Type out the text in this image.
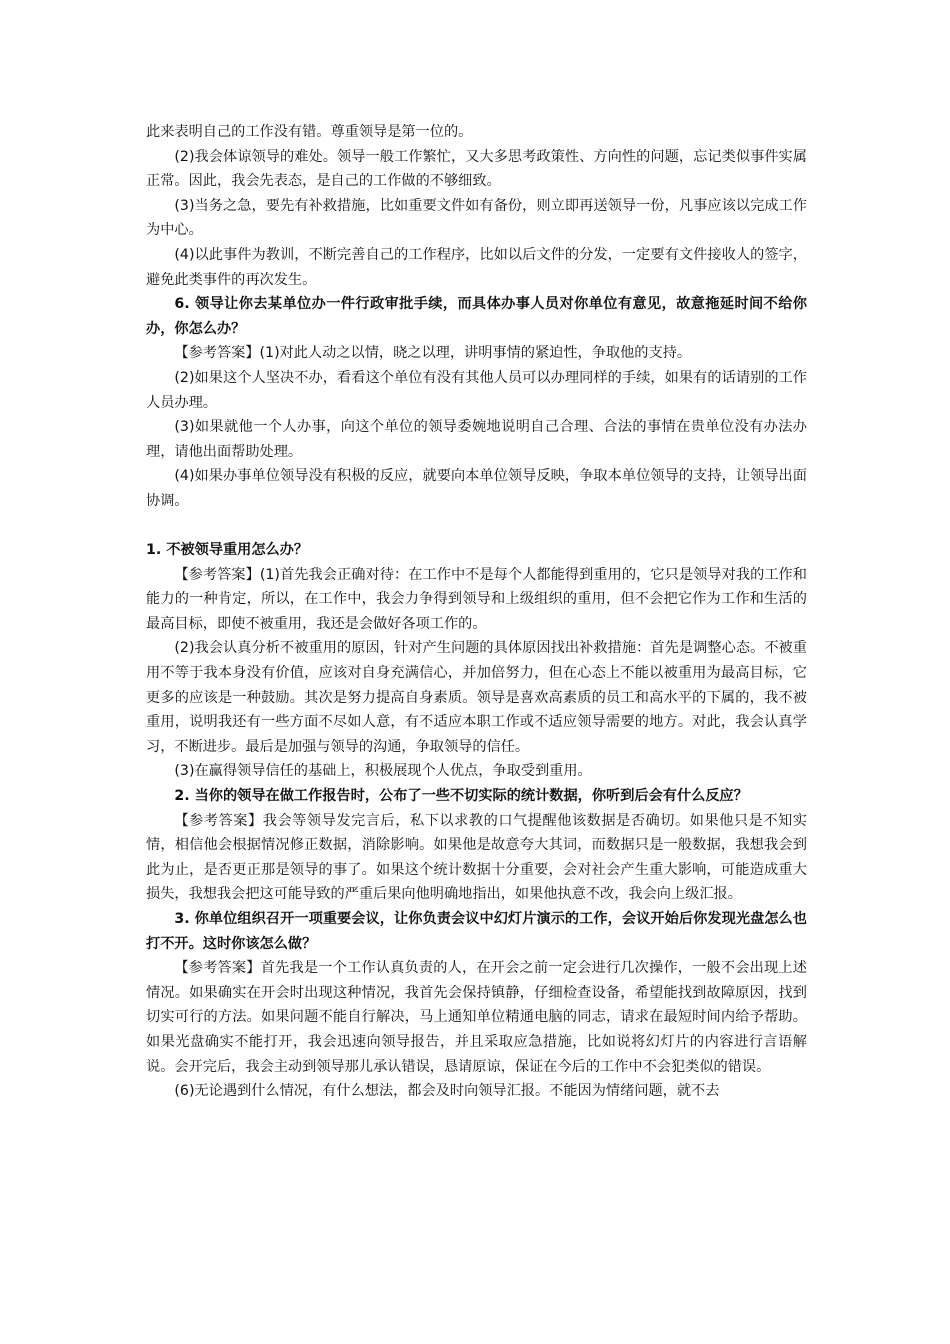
此来表明自己的工作没有错。尊重领导是第一位的。

(2)我会体谅领导的难处。领导一般工作繁忙，又大多思考政策性、方向性的问题，忘记类似事件实属正常。因此，我会先表态，是自己的工作做的不够细致。

(3)当务之急，要先有补救措施，比如重要文件如有备份，则立即再送领导一份，凡事应该以完成工作为中心。

(4)以此事件为教训，不断完善自己的工作程序，比如以后文件的分发，一定要有文件接收人的签字，避免此类事件的再次发生。

6. 领导让你去某单位办一件行政审批手续，而具体办事人员对你单位有意见，故意拖延时间不给你办，你怎么办？

【参考答案】(1)对此人动之以情，晓之以理，讲明事情的紧迫性，争取他的支持。

(2)如果这个人坚决不办，看看这个单位有没有其他人员可以办理同样的手续，如果有的话请别的工作人员办理。

(3)如果就他一个人办事，向这个单位的领导委婉地说明自己合理、合法的事情在贵单位没有办法办理，请他出面帮助处理。

(4)如果办事单位领导没有积极的反应，就要向本单位领导反映，争取本单位领导的支持，让领导出面协调。

1. 不被领导重用怎么办？

【参考答案】(1)首先我会正确对待：在工作中不是每个人都能得到重用的，它只是领导对我的工作和能力的一种肯定，所以，在工作中，我会力争得到领导和上级组织的重用，但不会把它作为工作和生活的最高目标，即使不被重用，我还是会做好各项工作的。

(2)我会认真分析不被重用的原因，针对产生问题的具体原因找出补救措施：首先是调整心态。不被重用不等于我本身没有价值，应该对自身充满信心，并加倍努力，但在心态上不能以被重用为最高目标，它更多的应该是一种鼓励。其次是努力提高自身素质。领导是喜欢高素质的员工和高水平的下属的，我不被重用，说明我还有一些方面不尽如人意，有不适应本职工作或不适应领导需要的地方。对此，我会认真学习，不断进步。最后是加强与领导的沟通，争取领导的信任。

(3)在赢得领导信任的基础上，积极展现个人优点，争取受到重用。

2. 当你的领导在做工作报告时，公布了一些不切实际的统计数据，你听到后会有什么反应？

【参考答案】我会等领导发完言后，私下以求教的口气提醒他该数据是否确切。如果他只是不知实情，相信他会根据情况修正数据，消除影响。如果他是故意夸大其词，而数据只是一般数据，我想我会到此为止，是否更正那是领导的事了。如果这个统计数据十分重要，会对社会产生重大影响，可能造成重大损失，我想我会把这可能导致的严重后果向他明确地指出，如果他执意不改，我会向上级汇报。

3. 你单位组织召开一项重要会议，让你负责会议中幻灯片演示的工作，会议开始后你发现光盘怎么也打不开。这时你该怎么做？

【参考答案】首先我是一个工作认真负责的人，在开会之前一定会进行几次操作，一般不会出现上述情况。如果确实在开会时出现这种情况，我首先会保持镇静，仔细检查设备，希望能找到故障原因，找到切实可行的方法。如果问题不能自行解决，马上通知单位精通电脑的同志，请求在最短时间内给予帮助。如果光盘确实不能打开，我会迅速向领导报告，并且采取应急措施，比如说将幻灯片的内容进行言语解说。会开完后，我会主动到领导那儿承认错误，恳请原谅，保证在今后的工作中不会犯类似的错误。

(6)无论遇到什么情况，有什么想法，都会及时向领导汇报。不能因为情绪问题，就不去
